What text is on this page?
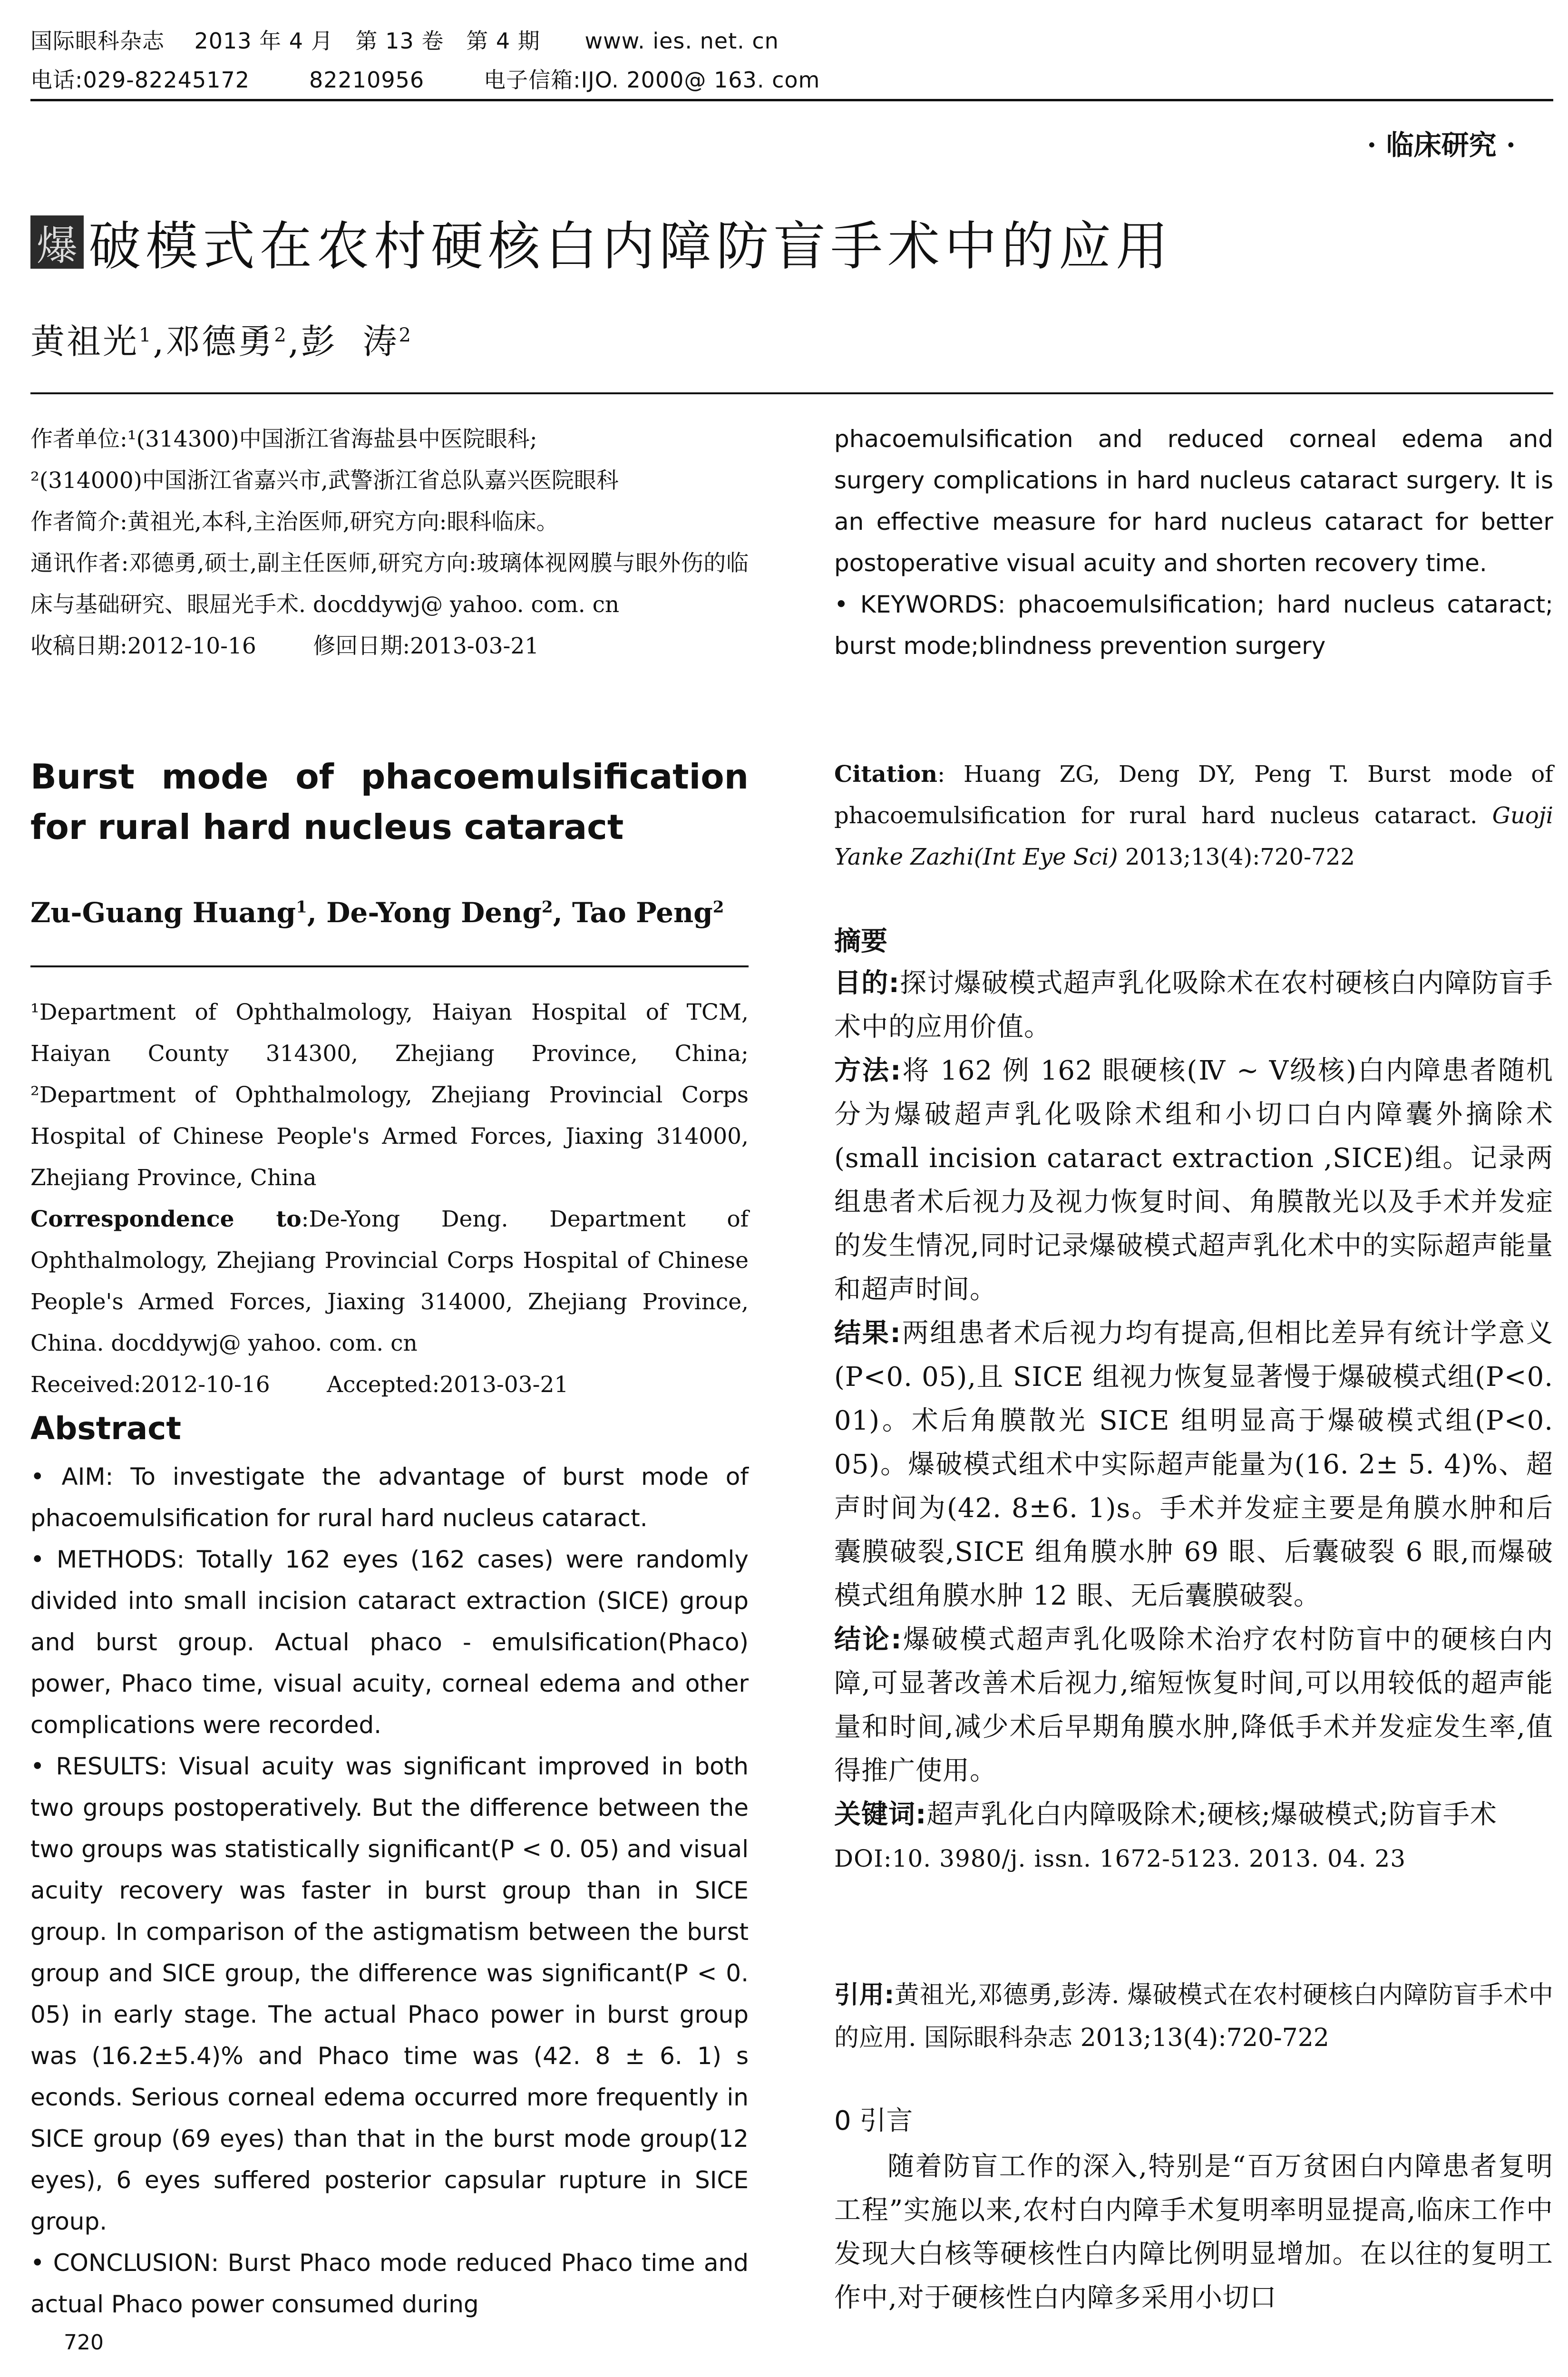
国际眼科杂志    2013 年 4 月   第 13 卷   第 4 期      www. ies. net. cn
电话:029-82245172        82210956        电子信箱:IJO. 2000@ 163. com
· 临床研究 ·
爆 破模式在农村硬核白内障防盲手术中的应用
黄祖光$^1$,邓德勇$^2$,彭  涛$^2$

作者单位:¹(314300)中国浙江省海盐县中医院眼科;

²(314000)中国浙江省嘉兴市,武警浙江省总队嘉兴医院眼科

作者简介:黄祖光,本科,主治医师,研究方向:眼科临床。

通讯作者:邓德勇,硕士,副主任医师,研究方向:玻璃体视网膜与眼外伤的临床与基础研究、眼屈光手术. docddywj@ yahoo. com. cn

收稿日期:2012-10-16        修回日期:2013-03-21

Burst mode of phacoemulsification for rural hard nucleus cataract
Zu-Guang Huang$^1$, De-Yong Deng$^2$, Tao Peng$^2$

¹Department of Ophthalmology, Haiyan Hospital of TCM, Haiyan County 314300, Zhejiang Province, China; ²Department of Ophthalmology, Zhejiang Provincial Corps Hospital of Chinese People's Armed Forces, Jiaxing 314000, Zhejiang Province, China

Correspondence to:De-Yong Deng. Department of Ophthalmology, Zhejiang Provincial Corps Hospital of Chinese People's Armed Forces, Jiaxing 314000, Zhejiang Province, China. docddywj@ yahoo. com. cn

Received:2012-10-16        Accepted:2013-03-21

Abstract

• AIM: To investigate the advantage of burst mode of phacoemulsification for rural hard nucleus cataract.

• METHODS: Totally 162 eyes (162 cases) were randomly divided into small incision cataract extraction (SICE) group and burst group. Actual phaco - emulsification(Phaco) power, Phaco time, visual acuity, corneal edema and other complications were recorded.

• RESULTS: Visual acuity was significant improved in both two groups postoperatively. But the difference between the two groups was statistically significant(P < 0. 05) and visual acuity recovery was faster in burst group than in SICE group. In comparison of the astigmatism between the burst group and SICE group, the difference was significant(P < 0. 05) in early stage. The actual Phaco power in burst group was (16.2±5.4)% and Phaco time was (42. 8 ± 6. 1) s econds. Serious corneal edema occurred more frequently in SICE group (69 eyes) than that in the burst mode group(12 eyes), 6 eyes suffered posterior capsular rupture in SICE group.

• CONCLUSION: Burst Phaco mode reduced Phaco time and actual Phaco power consumed during

720

phacoemulsification and reduced corneal edema and surgery complications in hard nucleus cataract surgery. It is an effective measure for hard nucleus cataract for better postoperative visual acuity and shorten recovery time.

• KEYWORDS: phacoemulsification; hard nucleus cataract; burst mode;blindness prevention surgery

Citation: Huang ZG, Deng DY, Peng T. Burst mode of phacoemulsification for rural hard nucleus cataract. Guoji Yanke Zazhi(Int Eye Sci) 2013;13(4):720-722

摘要

目的:探讨爆破模式超声乳化吸除术在农村硬核白内障防盲手术中的应用价值。

方法:将 162 例 162 眼硬核(Ⅳ ~ Ⅴ级核)白内障患者随机分为爆破超声乳化吸除术组和小切口白内障囊外摘除术(small incision cataract extraction ,SICE)组。记录两组患者术后视力及视力恢复时间、角膜散光以及手术并发症的发生情况,同时记录爆破模式超声乳化术中的实际超声能量和超声时间。

结果:两组患者术后视力均有提高,但相比差异有统计学意义(P<0. 05),且 SICE 组视力恢复显著慢于爆破模式组(P<0. 01)。术后角膜散光 SICE 组明显高于爆破模式组(P<0. 05)。爆破模式组术中实际超声能量为(16. 2± 5. 4)%、超声时间为(42. 8±6. 1)s。手术并发症主要是角膜水肿和后囊膜破裂,SICE 组角膜水肿 69 眼、后囊破裂 6 眼,而爆破模式组角膜水肿 12 眼、无后囊膜破裂。

结论:爆破模式超声乳化吸除术治疗农村防盲中的硬核白内障,可显著改善术后视力,缩短恢复时间,可以用较低的超声能量和时间,减少术后早期角膜水肿,降低手术并发症发生率,值得推广使用。

关键词:超声乳化白内障吸除术;硬核;爆破模式;防盲手术

DOI:10. 3980/j. issn. 1672-5123. 2013. 04. 23

引用:黄祖光,邓德勇,彭涛. 爆破模式在农村硬核白内障防盲手术中的应用. 国际眼科杂志 2013;13(4):720-722

0 引言

随着防盲工作的深入,特别是“百万贫困白内障患者复明工程”实施以来,农村白内障手术复明率明显提高,临床工作中发现大白核等硬核性白内障比例明显增加。在以往的复明工作中,对于硬核性白内障多采用小切口
